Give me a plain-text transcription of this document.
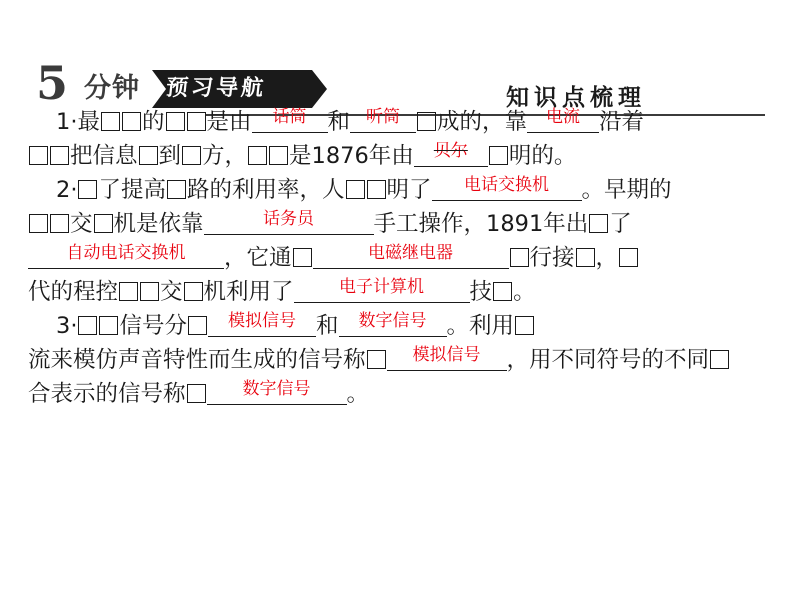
5 分钟 预习导航	知识点梳理

1·最 的 是由 话筒 和 听筒 成的，靠 电流 沿着

把信息 到 方， 是1876年由 贝尔 明的。

2· 了提高 路的利用率，人 明了 电话交换机 。早期的

交 机是依靠	话务员	手工操作，1891年出 了

自动电话交换机 ，它通	电磁继电器	行接 ，

代的程控 交 机利用了	电子计算机 技 。

3· 信号分 模拟信号 和 数字信号 。利用

流来模仿声音特性而生成的信号称	模拟信号 ，用不同符号的不同

合表示的信号称	数字信号 。
